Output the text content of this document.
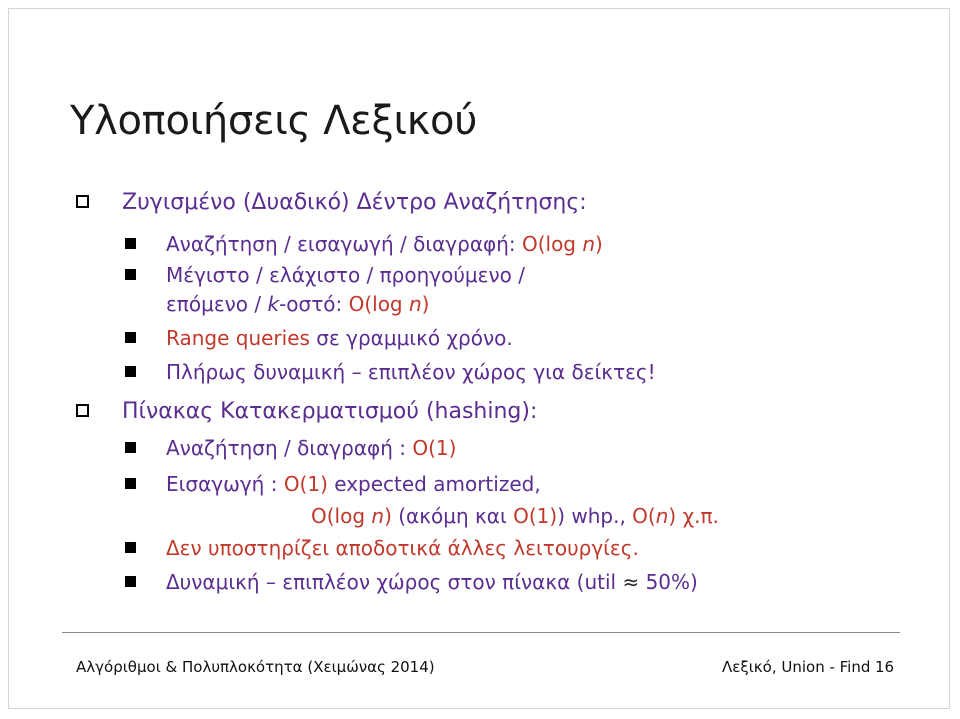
Υλοποιήσεις Λεξικού
Ζυγισμένο (Δυαδικό) Δέντρο Αναζήτησης:
Αναζήτηση / εισαγωγή / διαγραφή: O(log n)
Μέγιστο / ελάχιστο / προηγούμενο /
επόμενο / k-οστό: O(log n)
Range queries σε γραμμικό χρόνο.
Πλήρως δυναμική – επιπλέον χώρος για δείκτες!
Πίνακας Κατακερματισμού (hashing):
Αναζήτηση / διαγραφή : O(1)
Εισαγωγή : O(1) expected amortized,
O(log n) (ακόμη και O(1)) whp., O(n) χ.π.
Δεν υποστηρίζει αποδοτικά άλλες λειτουργίες.
Δυναμική – επιπλέον χώρος στον πίνακα (util ≈ 50%)
Αλγόριθμοι & Πολυπλοκότητα (Χειμώνας 2014)	Λεξικό, Union - Find 16
